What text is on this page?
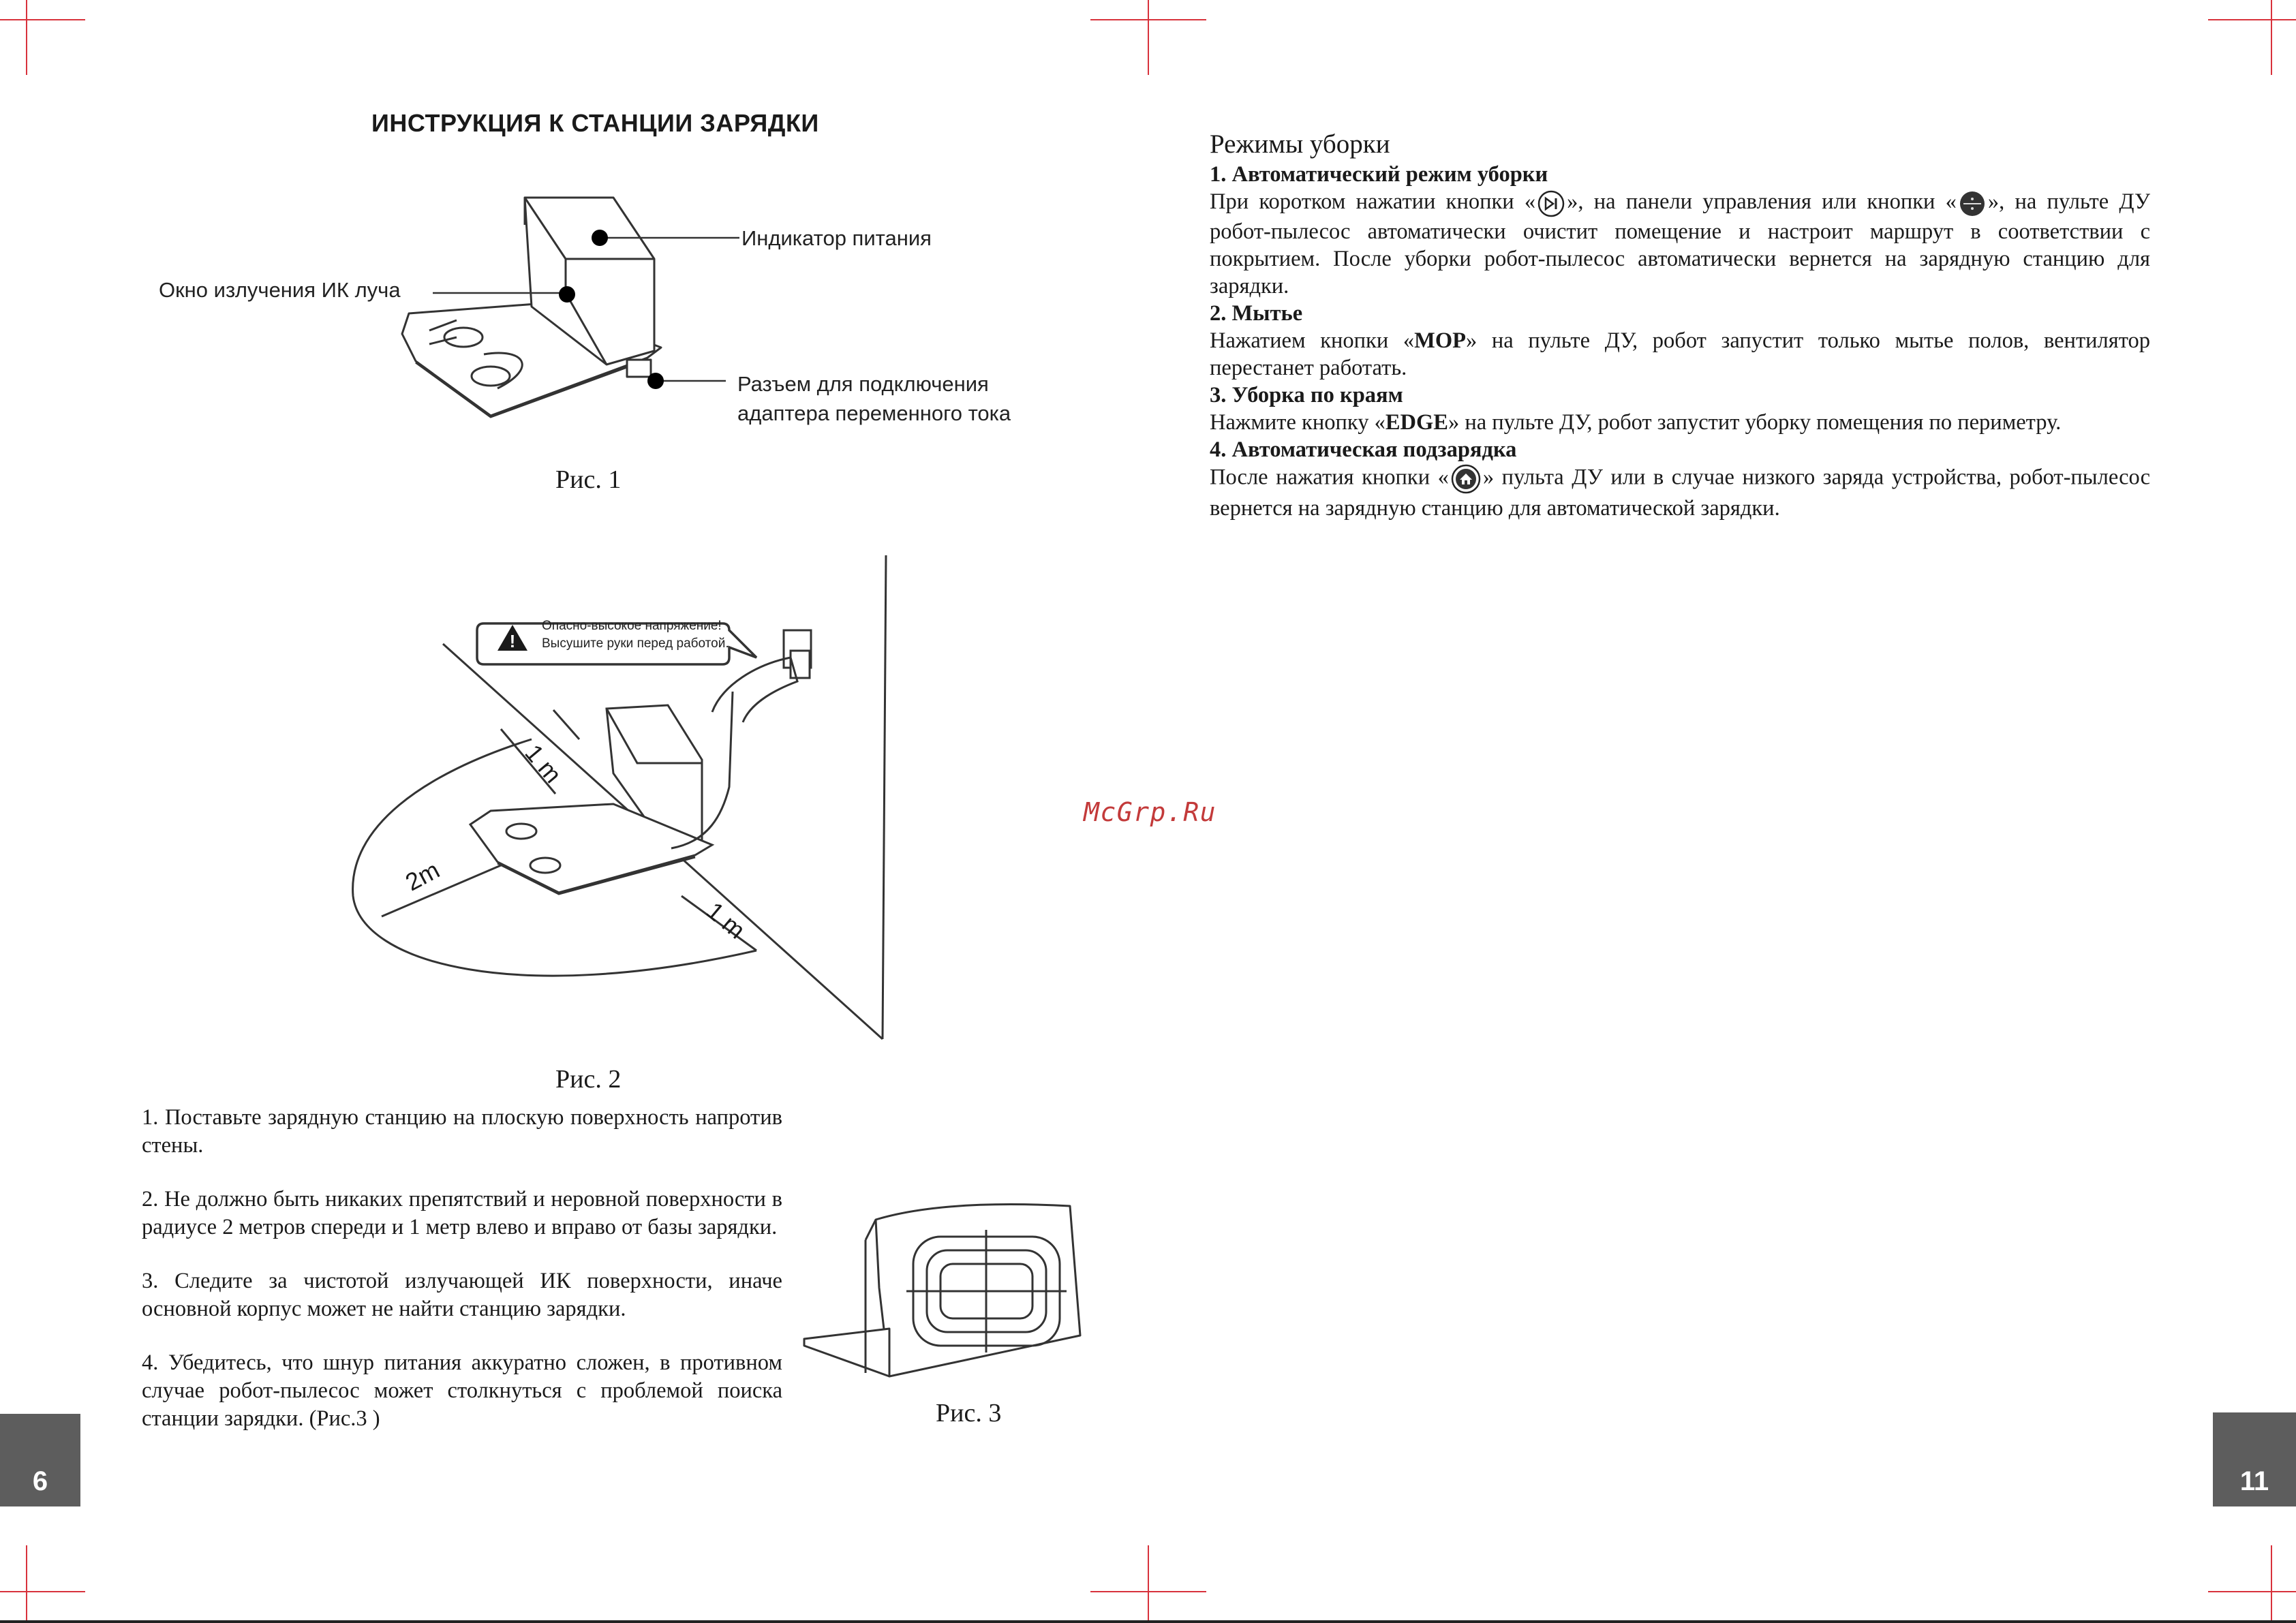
ИНСТРУКЦИЯ К СТАНЦИИ ЗАРЯДКИ
Индикатор питания
Окно излучения ИК луча
Разъем для подключения
адаптера переменного тока
Рис. 1
!
Опасно-высокое напряжение!
Высушите руки перед работой.
2m
1 m
1 m
Рис. 2

1. Поставьте зарядную станцию на плоскую поверхность напротив стены.

2. Не должно быть никаких препятствий и неровной поверхности в радиусе 2 метров спереди и 1 метр влево и вправо от базы зарядки.

3. Следите за чистотой излучающей ИК поверхности, иначе основной корпус может не найти станцию зарядки.

4. Убедитесь, что шнур питания аккуратно сложен, в противном случае робот-пылесос может столкнуться с проблемой поиска станции зарядки. (Рис.3 )	Рис. 3
6
Режимы уборки
1. Автоматический режим уборки

При коротком нажатии кнопки « », на панели управления или кнопки « », на пульте ДУ робот-пылесос автоматически очистит помещение и настроит маршрут в соответствии с покрытием. После уборки робот-пылесос автоматически вернется на зарядную станцию для зарядки.

2. Мытье

Нажатием кнопки «MOP» на пульте ДУ, робот запустит только мытье полов, вентилятор перестанет работать.

3. Уборка по краям

Нажмите кнопку «EDGE» на пульте ДУ, робот запустит уборку помещения по периметру.

4. Автоматическая подзарядка

После нажатия кнопки « » пульта ДУ или в случае низкого заряда устройства, робот-пылесос вернется на зарядную станцию для автоматической зарядки.

McGrp.Ru
11
